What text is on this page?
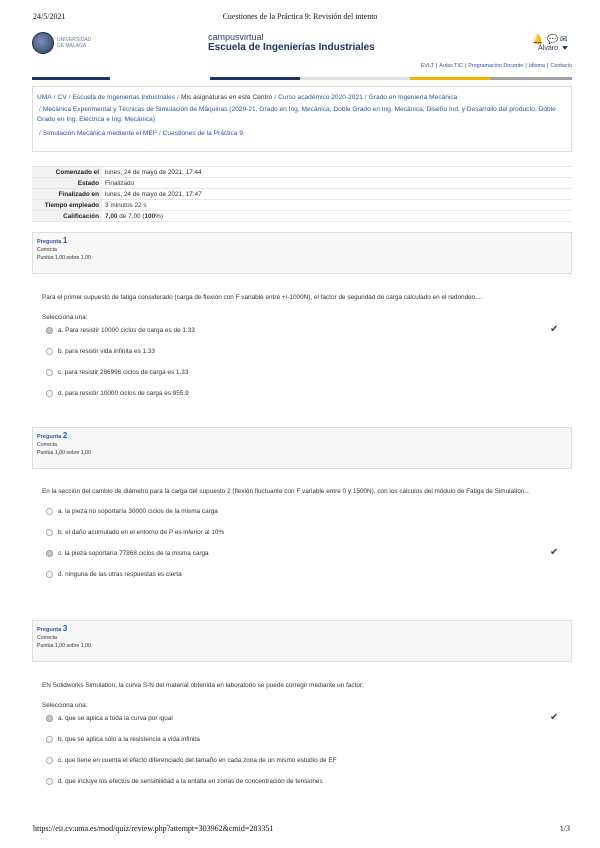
24/5/2021	Cuestiones de la Práctica 9: Revisión del intento
UNIVERSIDAD
DE MÁLAGA
campusvirtual
Escuela de Ingenierías Industriales
🔔 💬 ✉
Álvaro
EVLT | Aulas TIC | Programación Docente | Idioma | Contacto
UMA / CV / Escuela de Ingenierías Industriales / Mis asignaturas en este Centro / Curso académico 2020-2021 / Grado en Ingeniería Mecánica
/ Mecánica Experimental y Técnicas de Simulación de Máquinas (2020-21, Grado en Ing. Mecánica, Doble Grado en Ing. Mecánica, Diseño Ind. y Desarrollo del producto, Doble Grado en Ing. Eléctrica e Ing. Mecánica)
/ Simulación Mecánica mediante el MEF / Cuestiones de la Práctica 9
Comenzado el	lunes, 24 de mayo de 2021, 17:44
Estado	Finalizado
Finalizado en	lunes, 24 de mayo de 2021, 17:47
Tiempo empleado	3 minutos 22 s
Calificación	7,00 de 7,00 (100%)
Pregunta 1
Correcta
Puntúa 1,00 sobre 1,00
Para el primer supuesto de fatiga considerado (carga de flexión con F variable entre +/-1000N), el factor de seguridad de carga calculado en el redondeo....
Selecciona una:
a. Para resistir 10000 ciclos de carga es de 1.33	✔
b. para resistir vida infinita es 1.33
c. para resistir 286996 ciclos de carga es 1.33
d. para resistir 10000 ciclos de carga es 955.9
Pregunta 2
Correcta
Puntúa 1,00 sobre 1,00
En la sección del cambio de diámetro para la carga del supuesto 2 (flexión fluctuante con F variable entre 0 y 1500N), con los cálculos del módulo de Fatiga de Simulation...
a. la pieza no soportaría 30000 ciclos de la misma carga
b. el daño acumulado en el entorno de P es inferior al 10%
c. la pieza soportaría 77868 ciclos de la misma carga	✔
d. ninguna de las otras respuestas es cierta
Pregunta 3
Correcta
Puntúa 1,00 sobre 1,00
EN Solidworks Simulation, la curva S-N del material obtenida en laboratorio se puede corregir mediante un factor:
Selecciona una:
a. que se aplica a toda la curva por igual	✔
b. que se aplica sólo a la resistencia a vida infinita
c. que tiene en cuenta el efecto diferenciado del tamaño en cada zona de un mismo estudio de EF
d. que incluye los efectos de sensibilidad a la entalla en zonas de concentración de tensiones
https://eii.cv.uma.es/mod/quiz/review.php?attempt=303962&cmid=283351	1/3
